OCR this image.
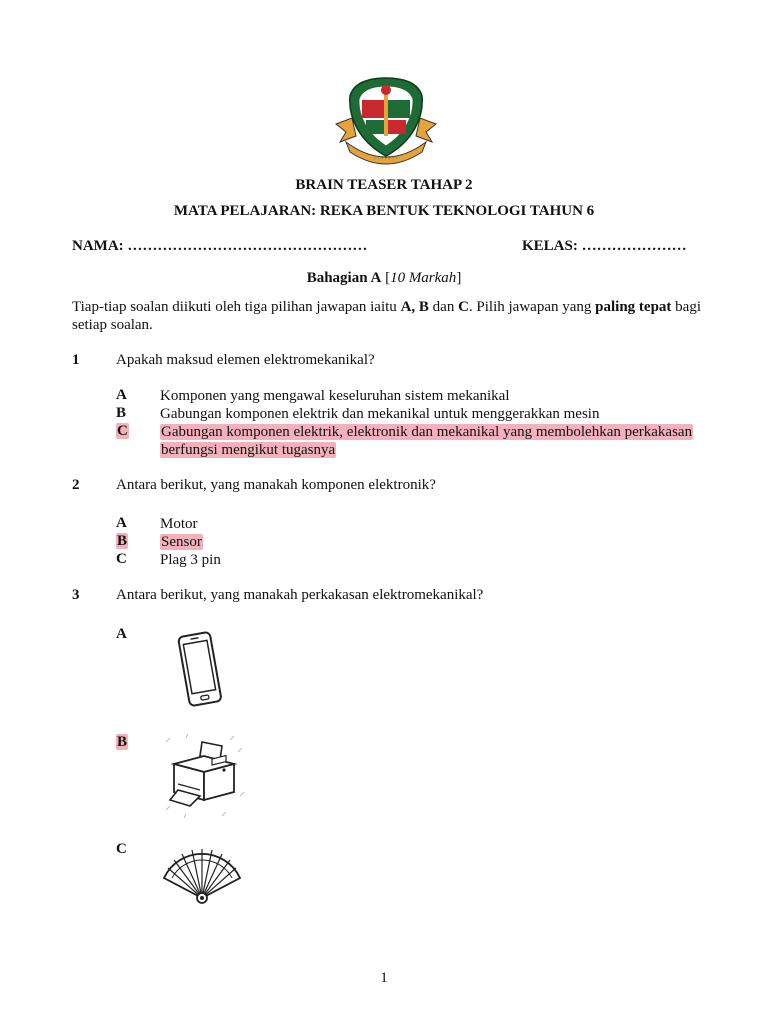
· · · · · · ·
BRAIN TEASER TAHAP 2
MATA PELAJARAN: REKA BENTUK TEKNOLOGI TAHUN 6
NAMA: …………………………………………	KELAS: …………………
Bahagian A [10 Markah]
Tiap-tiap soalan diikuti oleh tiga pilihan jawapan iaitu A, B dan C. Pilih jawapan yang paling tepat bagi
setiap soalan.
1 Apakah maksud elemen elektromekanikal?
A Komponen yang mengawal keseluruhan sistem mekanikal
B Gabungan komponen elektrik dan mekanikal untuk menggerakkan mesin
C Gabungan komponen elektrik, elektronik dan mekanikal yang membolehkan perkakasan
berfungsi mengikut tugasnya
2 Antara berikut, yang manakah komponen elektronik?
A Motor
B Sensor
C Plag 3 pin
3 Antara berikut, yang manakah perkakasan elektromekanikal?
A
B
C
1
